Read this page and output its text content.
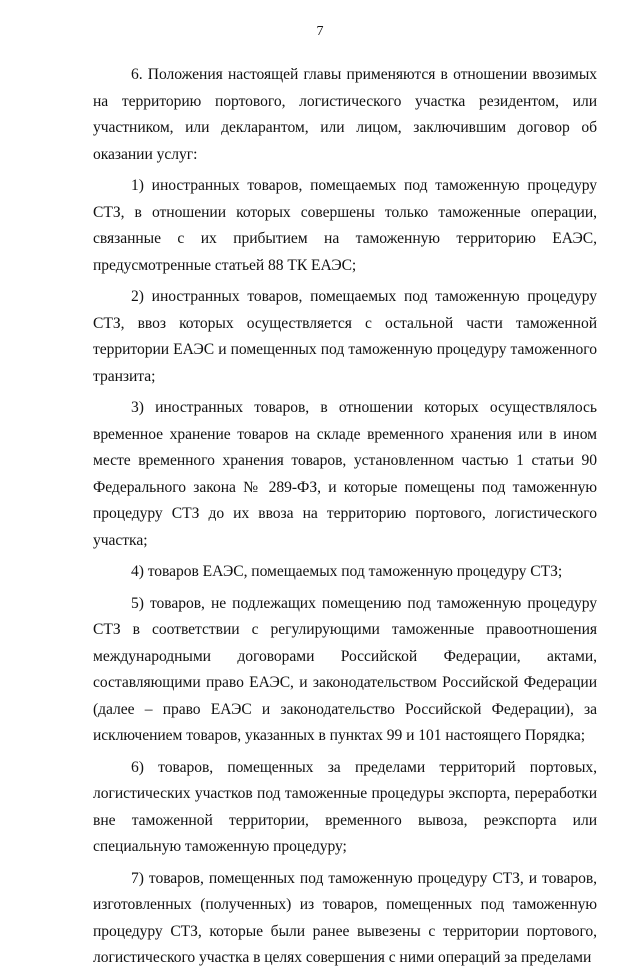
7

6. Положения настоящей главы применяются в отношении ввозимых на территорию портового, логистического участка резидентом, или участником, или декларантом, или лицом, заключившим договор об оказании услуг:

1) иностранных товаров, помещаемых под таможенную процедуру СТЗ, в отношении которых совершены только таможенные операции, связанные с их прибытием на таможенную территорию ЕАЭС, предусмотренные статьей 88 ТК ЕАЭС;

2) иностранных товаров, помещаемых под таможенную процедуру СТЗ, ввоз которых осуществляется с остальной части таможенной территории ЕАЭС и помещенных под таможенную процедуру таможенного транзита;

3) иностранных товаров, в отношении которых осуществлялось временное хранение товаров на складе временного хранения или в ином месте временного хранения товаров, установленном частью 1 статьи 90 Федерального закона № 289-ФЗ, и которые помещены под таможенную процедуру СТЗ до их ввоза на территорию портового, логистического участка;

4) товаров ЕАЭС, помещаемых под таможенную процедуру СТЗ;

5) товаров, не подлежащих помещению под таможенную процедуру СТЗ в соответствии с регулирующими таможенные правоотношения международными договорами Российской Федерации, актами, составляющими право ЕАЭС, и законодательством Российской Федерации (далее – право ЕАЭС и законодательство Российской Федерации), за исключением товаров, указанных в пунктах 99 и 101 настоящего Порядка;

6) товаров, помещенных за пределами территорий портовых, логистических участков под таможенные процедуры экспорта, переработки вне таможенной территории, временного вывоза, реэкспорта или специальную таможенную процедуру;

7) товаров, помещенных под таможенную процедуру СТЗ, и товаров, изготовленных (полученных) из товаров, помещенных под таможенную процедуру СТЗ, которые были ранее вывезены с территории портового, логистического участка в целях совершения с ними операций за пределами
